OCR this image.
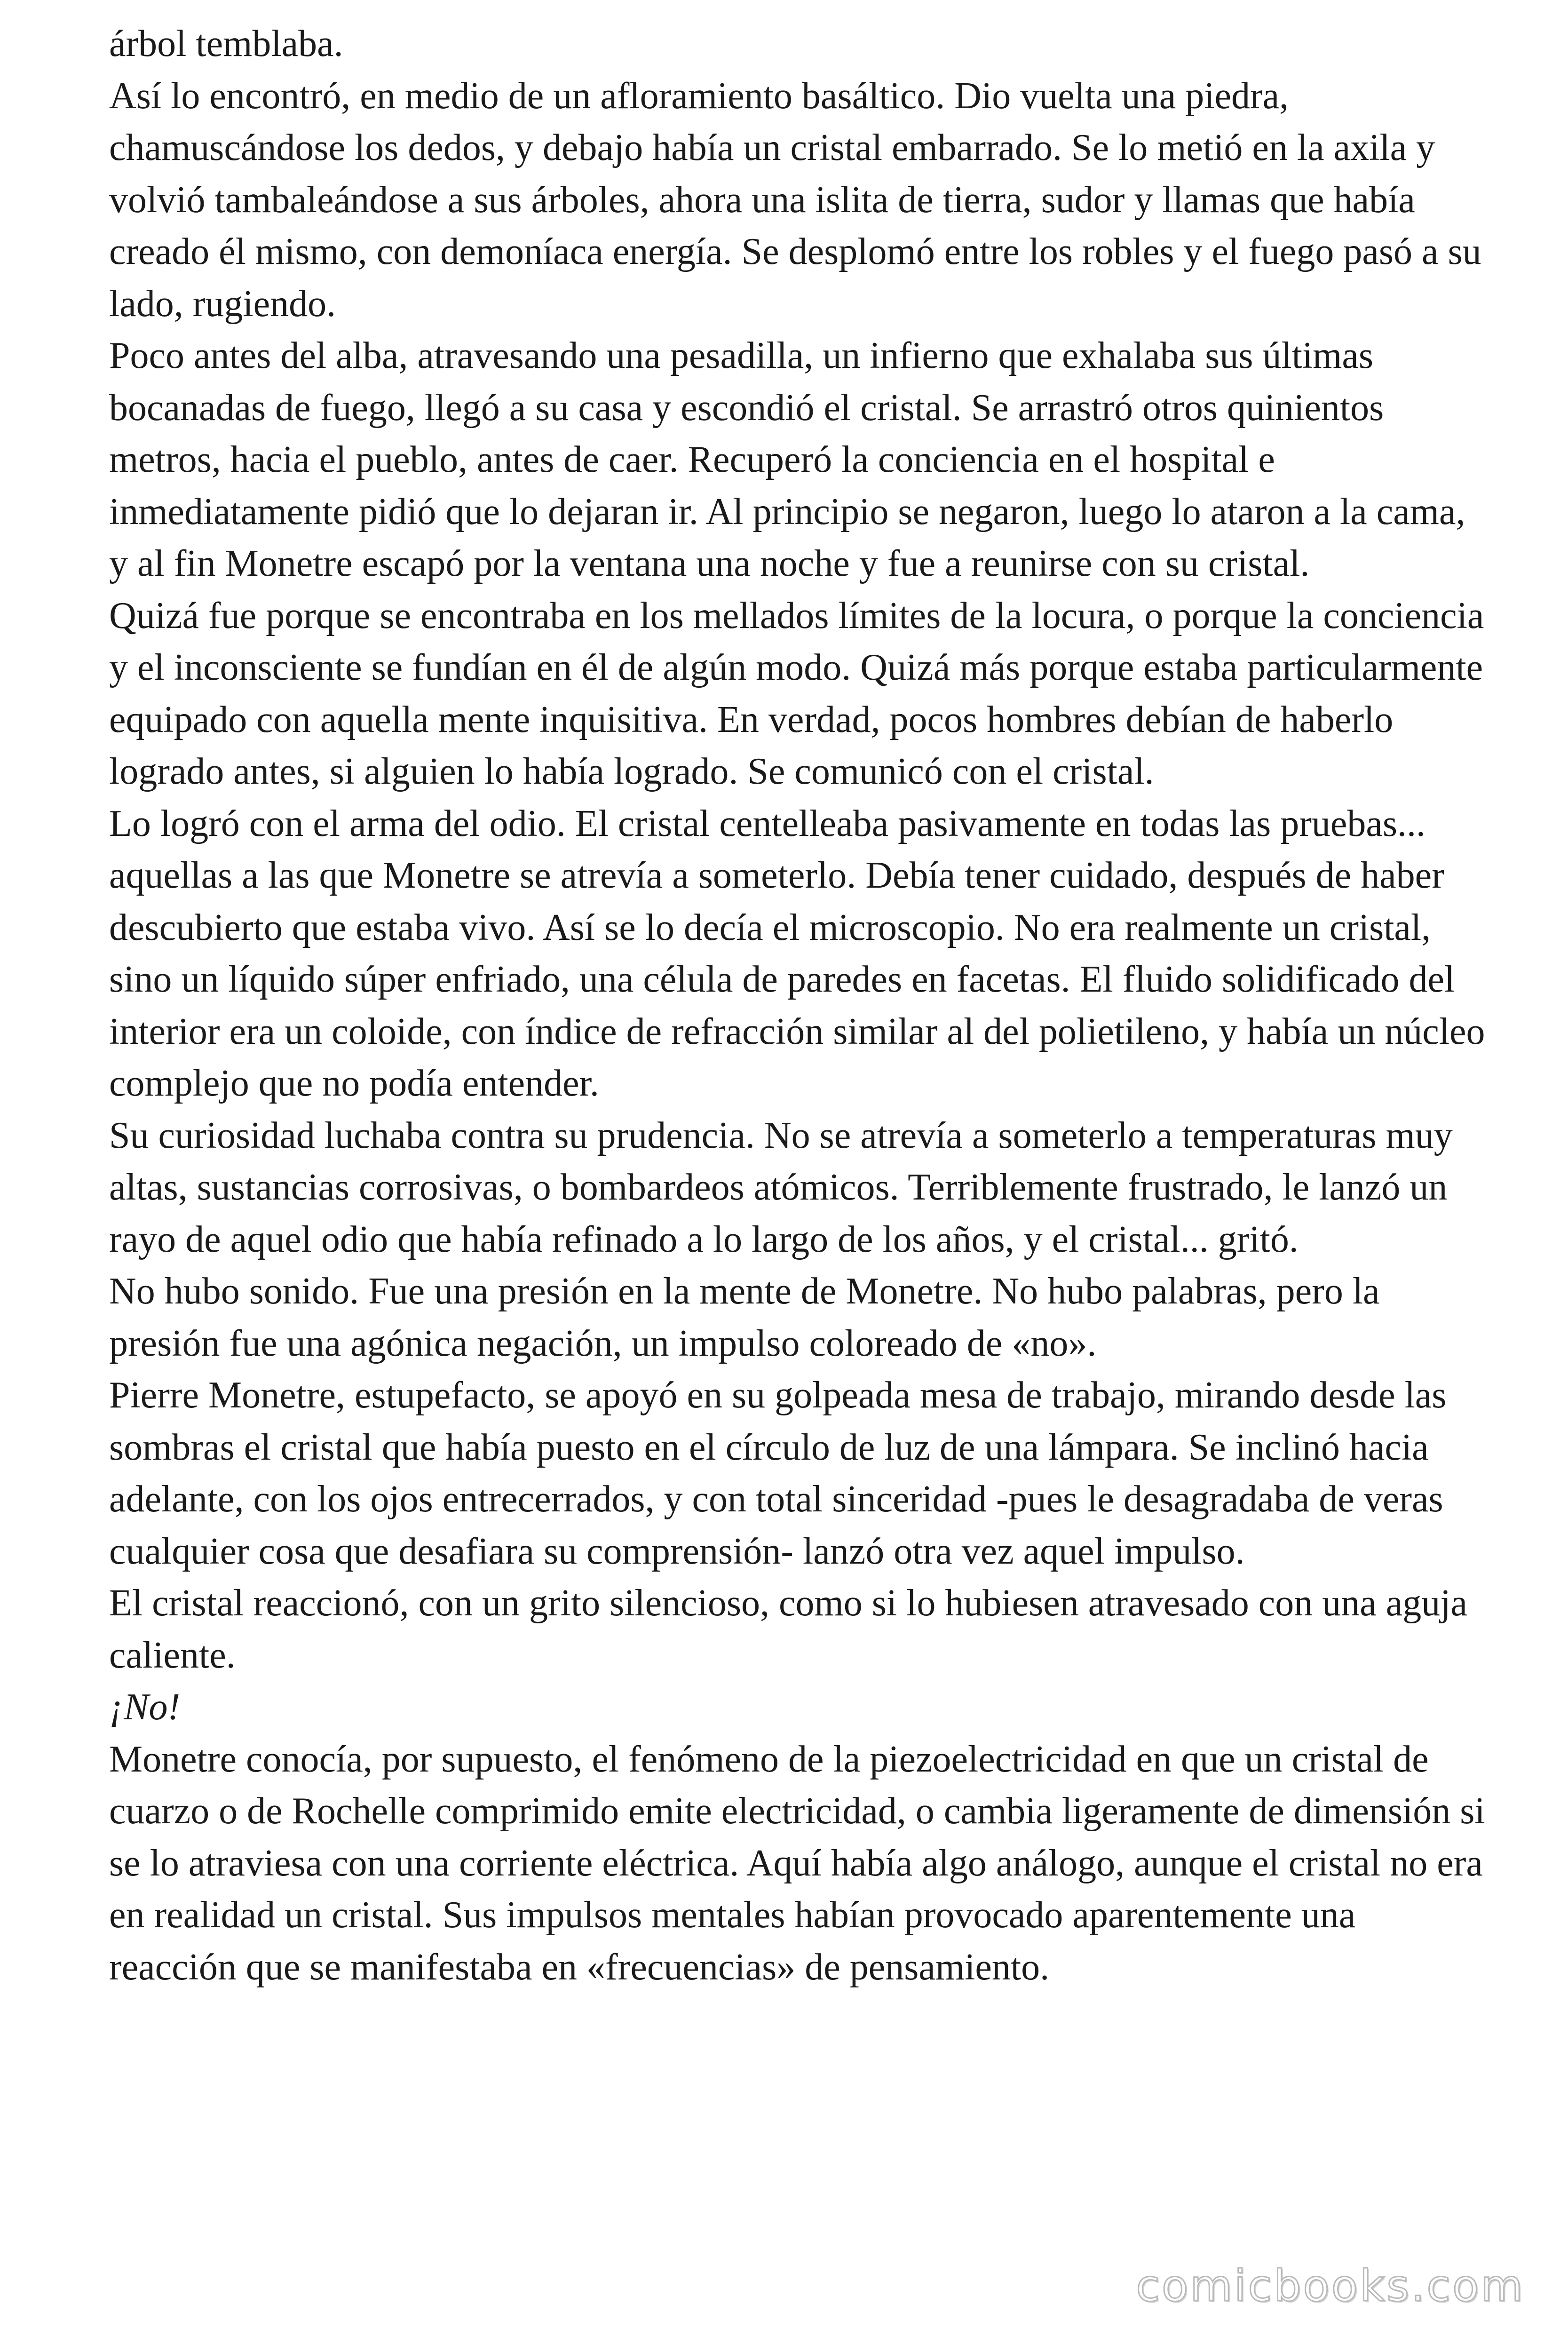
árbol temblaba.

Así lo encontró, en medio de un afloramiento basáltico. Dio vuelta una piedra, chamuscándose los dedos, y debajo había un cristal embarrado. Se lo metió en la axila y volvió tambaleándose a sus árboles, ahora una islita de tierra, sudor y llamas que había creado él mismo, con demoníaca energía. Se desplomó entre los robles y el fuego pasó a su lado, rugiendo.

Poco antes del alba, atravesando una pesadilla, un infierno que exhalaba sus últimas bocanadas de fuego, llegó a su casa y escondió el cristal. Se arrastró otros quinientos metros, hacia el pueblo, antes de caer. Recuperó la conciencia en el hospital e inmediatamente pidió que lo dejaran ir. Al principio se negaron, luego lo ataron a la cama, y al fin Monetre escapó por la ventana una noche y fue a reunirse con su cristal.

Quizá fue porque se encontraba en los mellados límites de la locura, o porque la conciencia y el inconsciente se fundían en él de algún modo. Quizá más porque estaba particularmente equipado con aquella mente inquisitiva. En verdad, pocos hombres debían de haberlo logrado antes, si alguien lo había logrado. Se comunicó con el cristal.

Lo logró con el arma del odio. El cristal centelleaba pasivamente en todas las pruebas... aquellas a las que Monetre se atrevía a someterlo. Debía tener cuidado, después de haber descubierto que estaba vivo. Así se lo decía el microscopio. No era realmente un cristal, sino un líquido súper enfriado, una célula de paredes en facetas. El fluido solidificado del interior era un coloide, con índice de refracción similar al del polietileno, y había un núcleo complejo que no podía entender.

Su curiosidad luchaba contra su prudencia. No se atrevía a someterlo a temperaturas muy altas, sustancias corrosivas, o bombardeos atómicos. Terriblemente frustrado, le lanzó un rayo de aquel odio que había refinado a lo largo de los años, y el cristal... gritó.

No hubo sonido. Fue una presión en la mente de Monetre. No hubo palabras, pero la presión fue una agónica negación, un impulso coloreado de «no».

Pierre Monetre, estupefacto, se apoyó en su golpeada mesa de trabajo, mirando desde las sombras el cristal que había puesto en el círculo de luz de una lámpara. Se inclinó hacia adelante, con los ojos entrecerrados, y con total sinceridad -pues le desagradaba de veras cualquier cosa que desafiara su comprensión- lanzó otra vez aquel impulso.

El cristal reaccionó, con un grito silencioso, como si lo hubiesen atravesado con una aguja caliente.

¡No!

Monetre conocía, por supuesto, el fenómeno de la piezoelectricidad en que un cristal de cuarzo o de Rochelle comprimido emite electricidad, o cambia ligeramente de dimensión si se lo atraviesa con una corriente eléctrica. Aquí había algo análogo, aunque el cristal no era en realidad un cristal. Sus impulsos mentales habían provocado aparentemente una reacción que se manifestaba en «frecuencias» de pensamiento.

comicbooks.com
